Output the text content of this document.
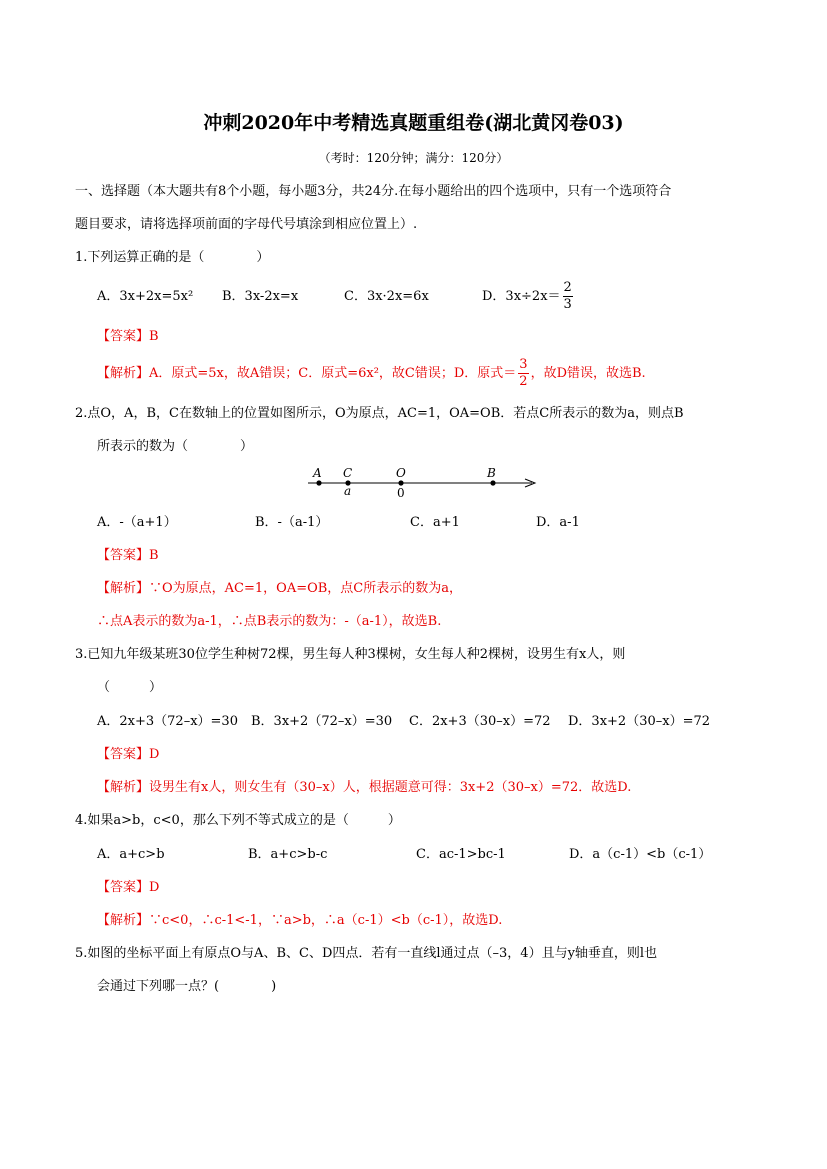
冲刺2020年中考精选真题重组卷(湖北黄冈卷03)
（考时：120分钟；满分：120分）
一、选择题（本大题共有8个小题，每小题3分，共24分.在每小题给出的四个选项中，只有一个选项符合
题目要求，请将选择项前面的字母代号填涂到相应位置上）.
1.下列运算正确的是（　　　　）
A．3x+2x=5x² B．3x-2x=x	C．3x·2x=6x	D．$3x\div 2x= \frac{2}{3}$
【答案】B
【解析】A．原式=5x，故A错误；C．原式=6x²，故C错误；D．原式＝ $\frac{3}{2}$ ，故D错误，故选B.
2.点O，A，B，C在数轴上的位置如图所示，O为原点，AC=1，OA=OB．若点C所表示的数为a，则点B
所表示的数为（　　　　）
A C	O	B
a	0
A．-（a+1）	B．-（a-1）	C．a+1	D．a-1
【答案】B
【解析】∵O为原点，AC=1，OA=OB，点C所表示的数为a，
∴点A表示的数为a-1，∴点B表示的数为：-（a-1），故选B.
3.已知九年级某班30位学生种树72棵，男生每人种3棵树，女生每人种2棵树，设男生有x人，则
（　　　）
A．2x+3（72–x）=30 B．3x+2（72–x）=30 C．2x+3（30–x）=72 D．3x+2（30–x）=72
【答案】D
【解析】设男生有x人，则女生有（30–x）人，根据题意可得：3x+2（30–x）=72．故选D.
4.如果a>b，c<0，那么下列不等式成立的是（　　　）
A．a+c>b	B．a+c>b-c	C．ac-1>bc-1	D．a（c-1）<b（c-1）
【答案】D
【解析】∵c<0，∴c-1<-1，∵a>b，∴a（c-1）<b（c-1），故选D.
5.如图的坐标平面上有原点O与A、B、C、D四点．若有一直线l通过点（–3，4）且与y轴垂直，则l也
会通过下列哪一点？(　　　　)
